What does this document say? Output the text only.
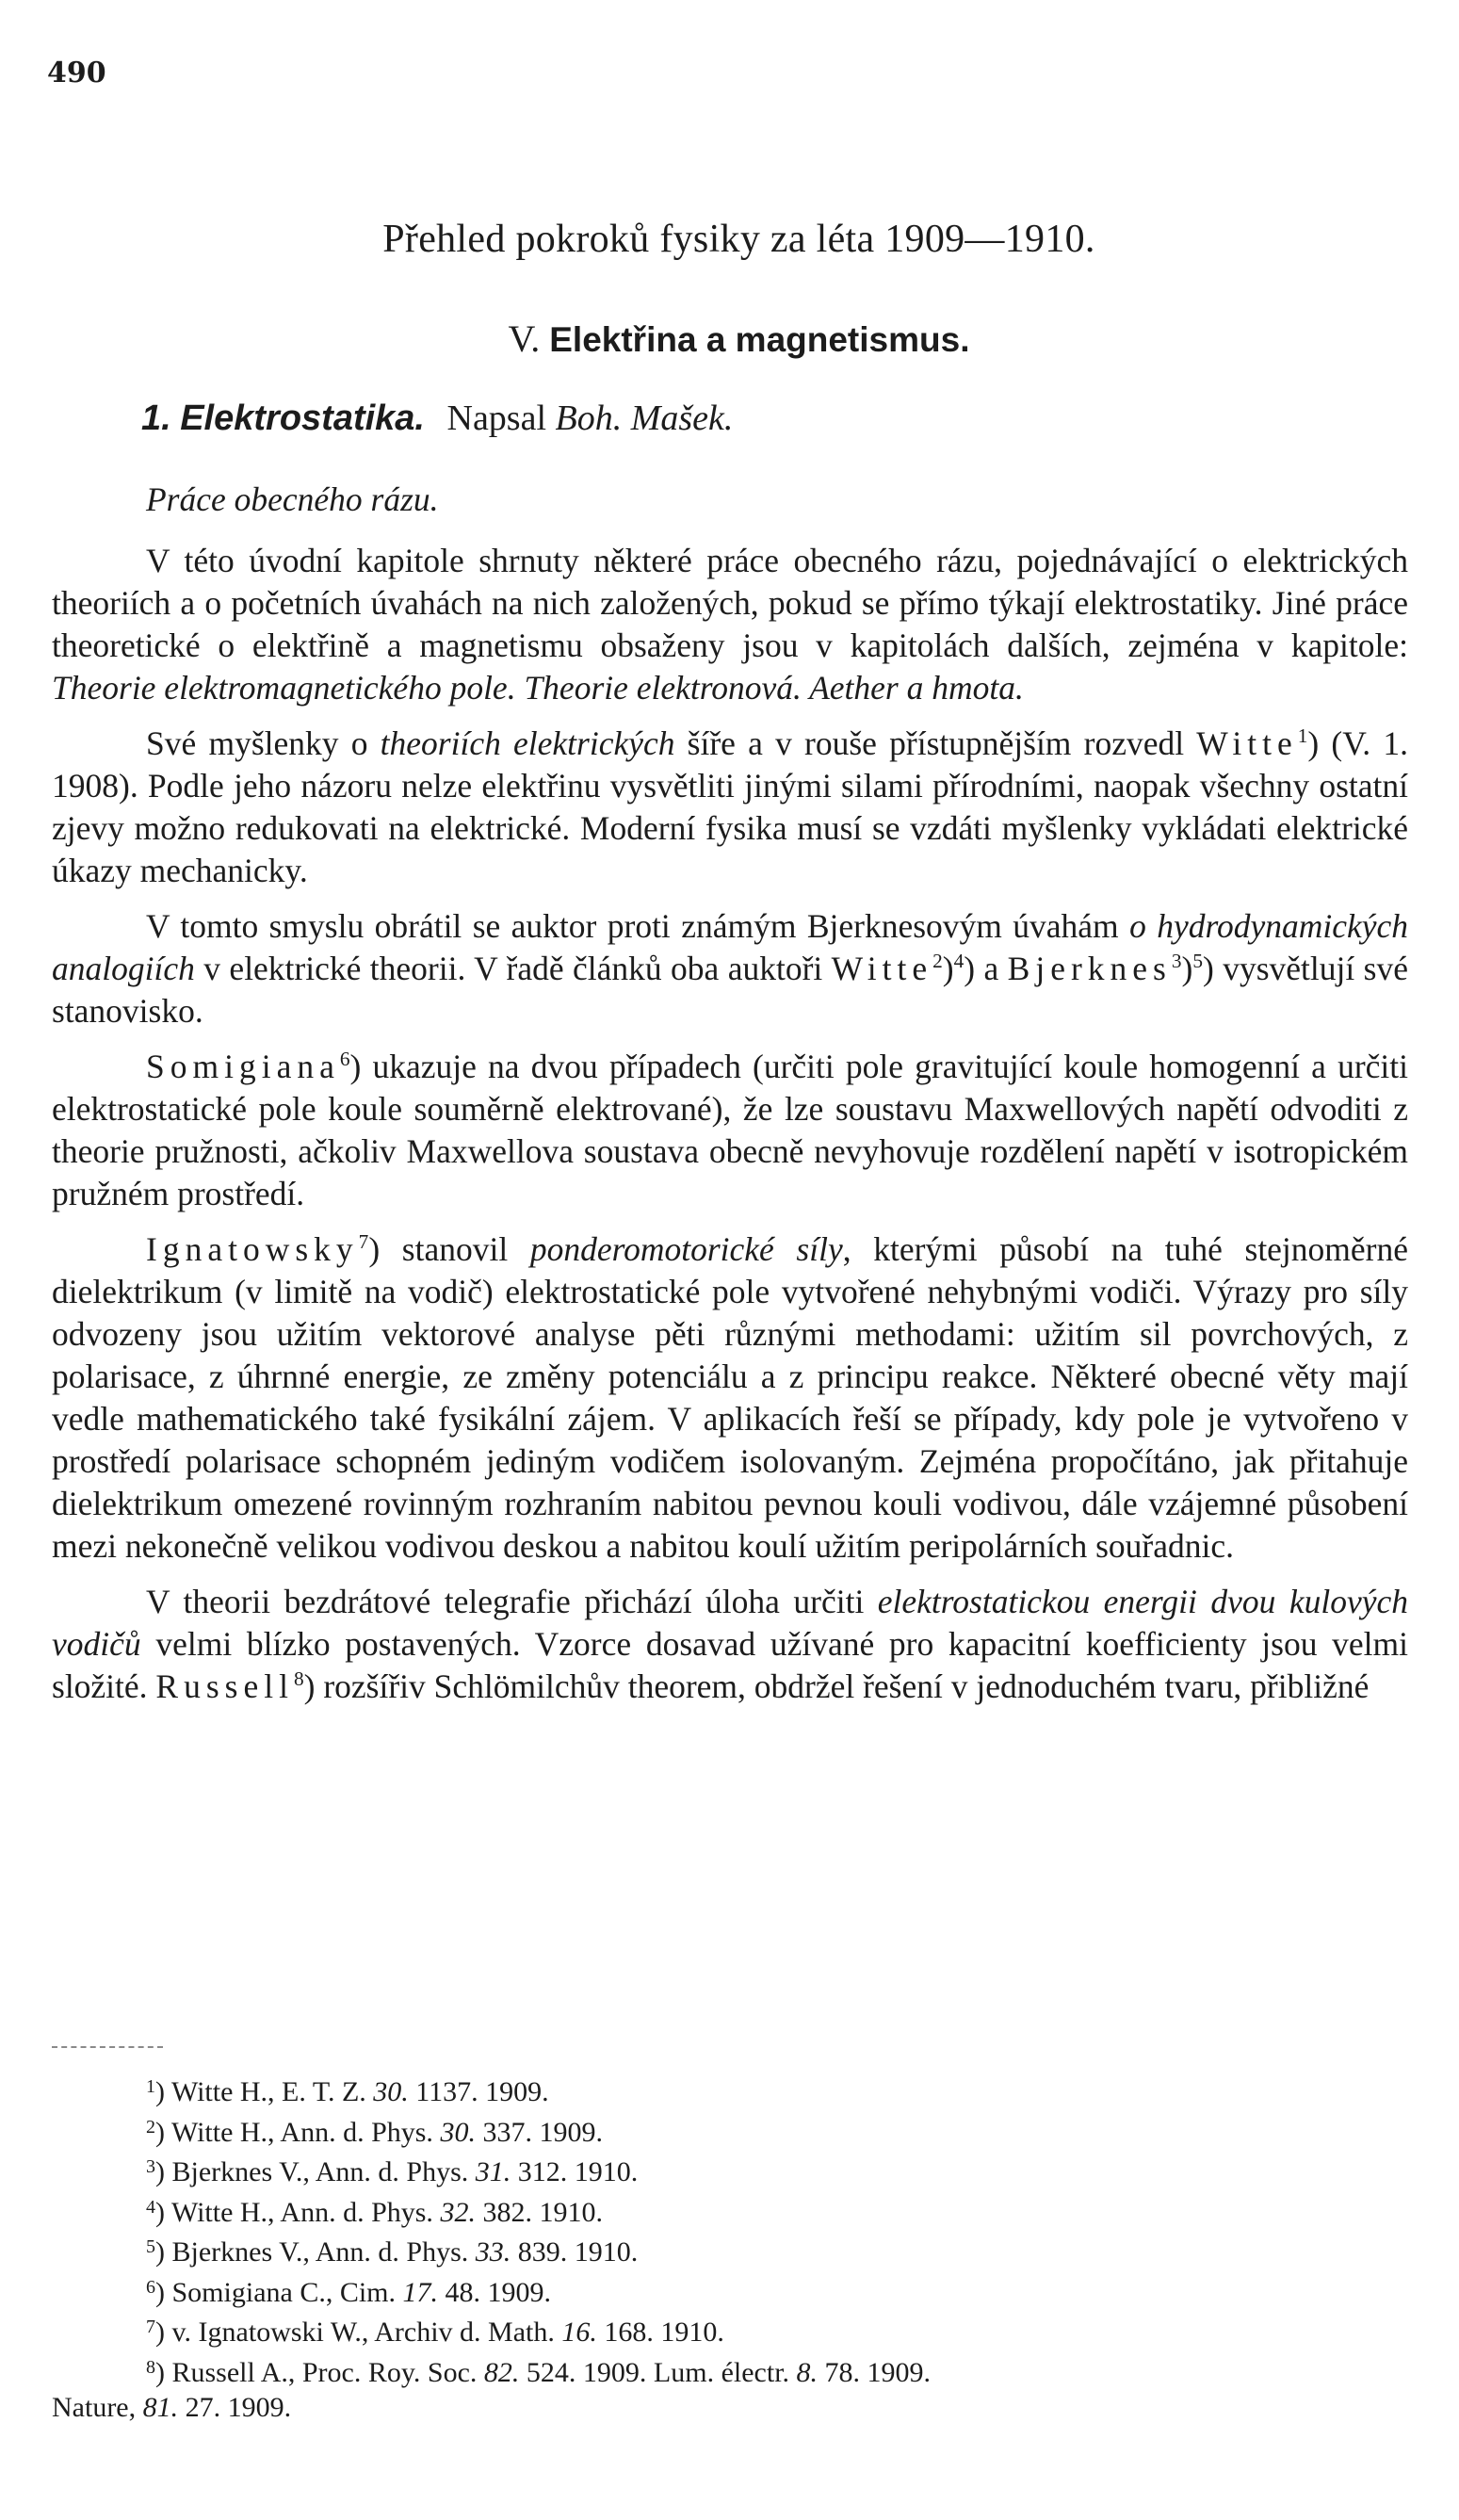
490
Přehled pokroků fysiky za léta 1909—1910.
V. Elektřina a magnetismus.
1. Elektrostatika. Napsal Boh. Mašek.
Práce obecného rázu.

V této úvodní kapitole shrnuty některé práce obecného rázu, pojednávající o elektrických theoriích a o početních úvahách na nich založených, pokud se přímo týkají elektrostatiky. Jiné práce theoretické o elektřině a magnetismu obsaženy jsou v kapitolách dalších, zejména v kapitole: Theorie elektromagnetického pole. Theorie elektronová. Aether a hmota.

Své myšlenky o theoriích elektrických šíře a v rouše přístupnějším rozvedl Witte$^1$) (V. 1. 1908). Podle jeho názoru nelze elektřinu vysvětliti jinými silami přírodními, naopak všechny ostatní zjevy možno redukovati na elektrické. Moderní fysika musí se vzdáti myšlenky vykládati elektrické úkazy mechanicky.

V tomto smyslu obrátil se auktor proti známým Bjerknesovým úvahám o hydrodynamických analogiích v elektrické theorii. V řadě článků oba auktoři Witte$^2$)$^4$) a Bjerknes$^3$)$^5$) vysvětlují své stanovisko.

Somigiana$^6$) ukazuje na dvou případech (určiti pole gravitující koule homogenní a určiti elektrostatické pole koule souměrně elektrované), že lze soustavu Maxwellových napětí odvoditi z theorie pružnosti, ačkoliv Maxwellova soustava obecně nevyhovuje rozdělení napětí v isotropickém pružném prostředí.

Ignatowsky$^7$) stanovil ponderomotorické síly, kterými působí na tuhé stejnoměrné dielektrikum (v limitě na vodič) elektrostatické pole vytvořené nehybnými vodiči. Výrazy pro síly odvozeny jsou užitím vektorové analyse pěti různými methodami: užitím sil povrchových, z polarisace, z úhrnné energie, ze změny potenciálu a z principu reakce. Některé obecné věty mají vedle mathematického také fysikální zájem. V aplikacích řeší se případy, kdy pole je vytvořeno v prostředí polarisace schopném jediným vodičem isolovaným. Zejména propočítáno, jak přitahuje dielektrikum omezené rovinným rozhraním nabitou pevnou kouli vodivou, dále vzájemné působení mezi nekonečně velikou vodivou deskou a nabitou koulí užitím peripolárních souřadnic.

V theorii bezdrátové telegrafie přichází úloha určiti elektrostatickou energii dvou kulových vodičů velmi blízko postavených. Vzorce dosavad užívané pro kapacitní koefficienty jsou velmi složité. Russell$^8$) rozšířiv Schlömilchův theorem, obdržel řešení v jednoduchém tvaru, přibližné

$^1$) Witte H., E. T. Z. 30. 1137. 1909.
$^2$) Witte H., Ann. d. Phys. 30. 337. 1909.
$^3$) Bjerknes V., Ann. d. Phys. 31. 312. 1910.
$^4$) Witte H., Ann. d. Phys. 32. 382. 1910.
$^5$) Bjerknes V., Ann. d. Phys. 33. 839. 1910.
$^6$) Somigiana C., Cim. 17. 48. 1909.
$^7$) v. Ignatowski W., Archiv d. Math. 16. 168. 1910.
$^8$) Russell A., Proc. Roy. Soc. 82. 524. 1909. Lum. électr. 8. 78. 1909.
Nature, 81. 27. 1909.
